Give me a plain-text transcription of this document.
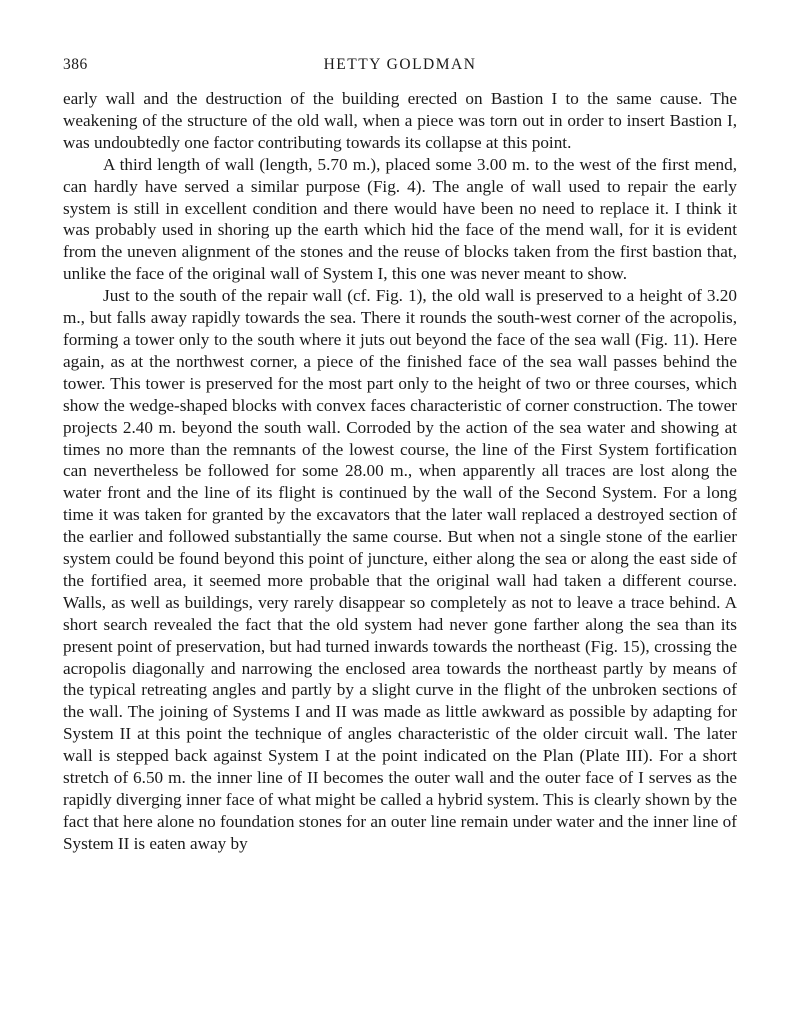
386	HETTY GOLDMAN

early wall and the destruction of the building erected on Bastion I to the same cause. The weakening of the structure of the old wall, when a piece was torn out in order to insert Bastion I, was undoubtedly one factor contributing towards its collapse at this point.

A third length of wall (length, 5.70 m.), placed some 3.00 m. to the west of the first mend, can hardly have served a similar purpose (Fig. 4). The angle of wall used to repair the early system is still in excellent condition and there would have been no need to replace it. I think it was probably used in shoring up the earth which hid the face of the mend wall, for it is evident from the uneven alignment of the stones and the reuse of blocks taken from the first bastion that, unlike the face of the original wall of System I, this one was never meant to show.

Just to the south of the repair wall (cf. Fig. 1), the old wall is preserved to a height of 3.20 m., but falls away rapidly towards the sea. There it rounds the south-west corner of the acropolis, forming a tower only to the south where it juts out beyond the face of the sea wall (Fig. 11). Here again, as at the northwest corner, a piece of the finished face of the sea wall passes behind the tower. This tower is preserved for the most part only to the height of two or three courses, which show the wedge-shaped blocks with convex faces characteristic of corner construction. The tower projects 2.40 m. beyond the south wall. Corroded by the action of the sea water and showing at times no more than the remnants of the lowest course, the line of the First System fortification can nevertheless be followed for some 28.00 m., when apparently all traces are lost along the water front and the line of its flight is continued by the wall of the Second System. For a long time it was taken for granted by the excavators that the later wall replaced a destroyed section of the earlier and followed substantially the same course. But when not a single stone of the earlier system could be found beyond this point of juncture, either along the sea or along the east side of the fortified area, it seemed more probable that the original wall had taken a different course. Walls, as well as buildings, very rarely disappear so completely as not to leave a trace behind. A short search revealed the fact that the old system had never gone farther along the sea than its present point of preservation, but had turned inwards towards the northeast (Fig. 15), crossing the acropolis diagonally and narrowing the enclosed area towards the northeast partly by means of the typical retreating angles and partly by a slight curve in the flight of the unbroken sections of the wall. The joining of Systems I and II was made as little awkward as possible by adapting for System II at this point the technique of angles characteristic of the older circuit wall. The later wall is stepped back against System I at the point indicated on the Plan (Plate III). For a short stretch of 6.50 m. the inner line of II becomes the outer wall and the outer face of I serves as the rapidly diverging inner face of what might be called a hybrid system. This is clearly shown by the fact that here alone no foundation stones for an outer line remain under water and the inner line of System II is eaten away by
